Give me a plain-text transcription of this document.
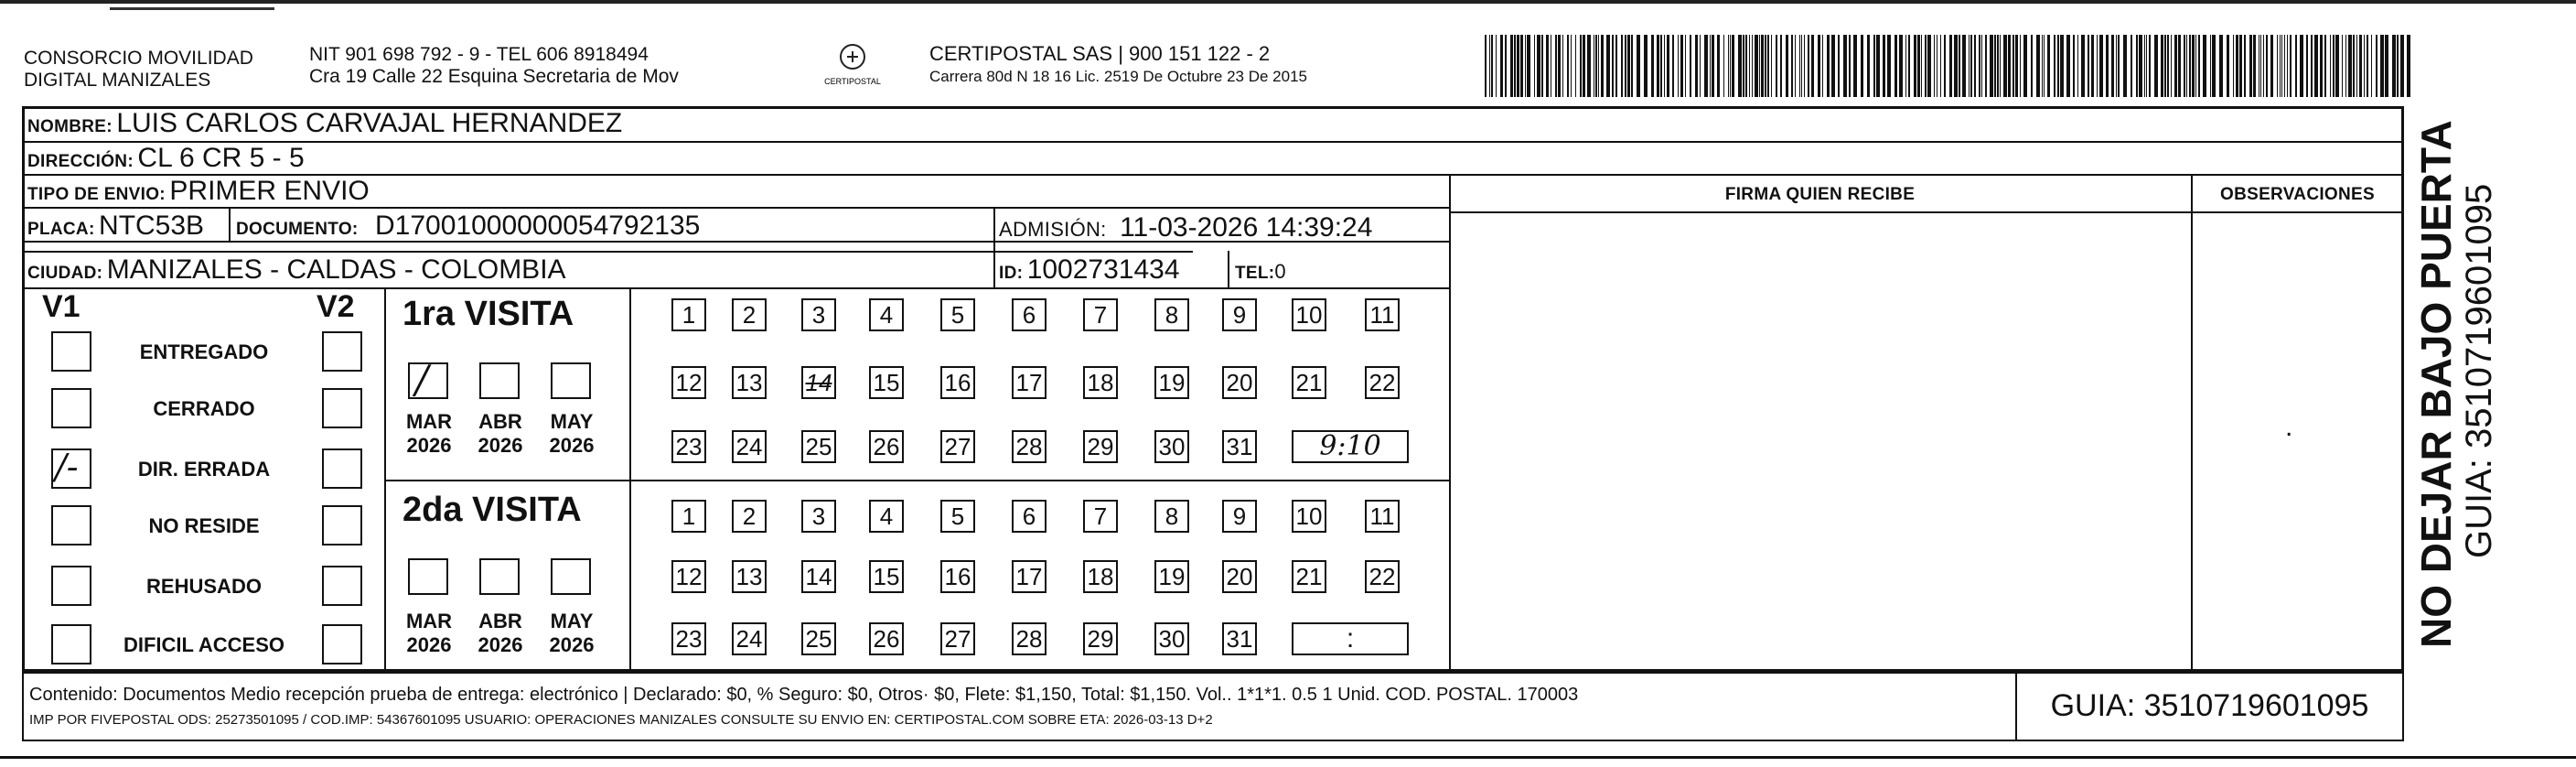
CONSORCIO MOVILIDAD
DIGITAL MANIZALES
NIT 901 698 792 - 9 - TEL 606 8918494
Cra 19 Calle 22 Esquina Secretaria de Mov	CERTIPOSTAL
CERTIPOSTAL SAS | 900 151 122 - 2
Carrera 80d N 18 16 Lic. 2519 De Octubre 23 De 2015
NOMBRE: LUIS CARLOS CARVAJAL HERNANDEZ
DIRECCIÓN: CL 6 CR 5 - 5
TIPO DE ENVIO: PRIMER ENVIO	FIRMA QUIEN RECIBE	OBSERVACIONES
.
PLACA: NTC53B DOCUMENTO: D17001000000054792135	ADMISIÓN: 11-03-2026 14:39:24
CIUDAD: MANIZALES - CALDAS - COLOMBIA	ID: 1002731434	TEL:0
V1	V2
ENTREGADO
CERRADO
/-	DIR. ERRADA
NO RESIDE
REHUSADO
DIFICIL ACCESO
1ra VISITA
/
MAR
2026
ABR
2026
MAY
2026
1	2	3	4	5	6	7	8	9	10 11
12 13 14 15 16 17 18 19 20 21 22
23 24 25 26 27 28 29 30 31	9:10
2da VISITA
MAR
2026
ABR
2026
MAY
2026
1	2	3	4	5	6	7	8	9	10 11
12 13 14 15 16 17 18 19 20 21 22
23 24 25 26 27 28 29 30 31	:
Contenido: Documentos Medio recepción prueba de entrega: electrónico | Declarado: $0, % Seguro: $0, Otros· $0, Flete: $1,150, Total: $1,150. Vol.. 1*1*1. 0.5 1 Unid. COD. POSTAL. 170003
IMP POR FIVEPOSTAL ODS: 25273501095 / COD.IMP: 54367601095 USUARIO: OPERACIONES MANIZALES CONSULTE SU ENVIO EN: CERTIPOSTAL.COM SOBRE ETA: 2026-03-13 D+2	GUIA: 3510719601095
NO DEJAR BAJO PUERTA GUIA: 3510719601095
